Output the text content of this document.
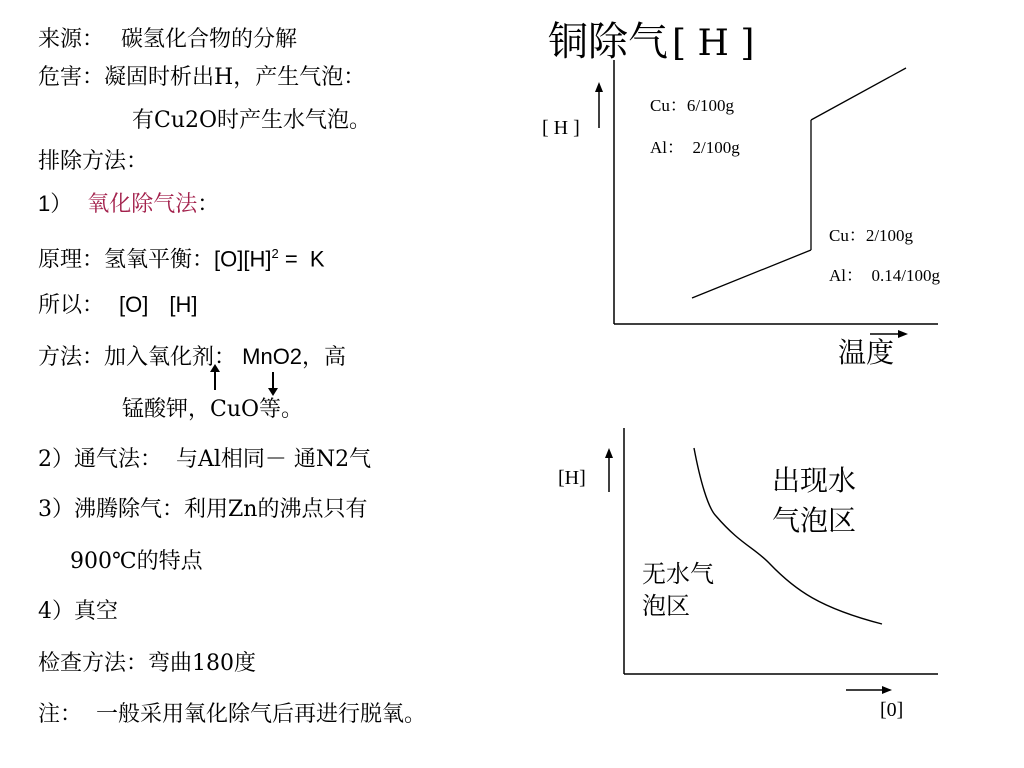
来源： 碳氢化合物的分解
危害：凝固时析出H，产生气泡：
有Cu2O时产生水气泡。
排除方法：
1） 氧化除气法：
原理：氢氧平衡：$[O][H]^2 = K$
所以： [O] [H]
方法：加入氧化剂： MnO2，高
锰酸钾，CuO等。
2）通气法：  与Al相同－ 通N2气
3）沸腾除气：利用Zn的沸点只有
900℃的特点
4）真空
检查方法：弯曲180度
注：  一般采用氧化除气后再进行脱氧。
铜除气 [ H ]
[ H ]
Cu：6/100g
Al：  2/100g
Cu：2/100g
Al：  0.14/100g
温度
[H]	出现水
气泡区
无水气
泡区
[0]
